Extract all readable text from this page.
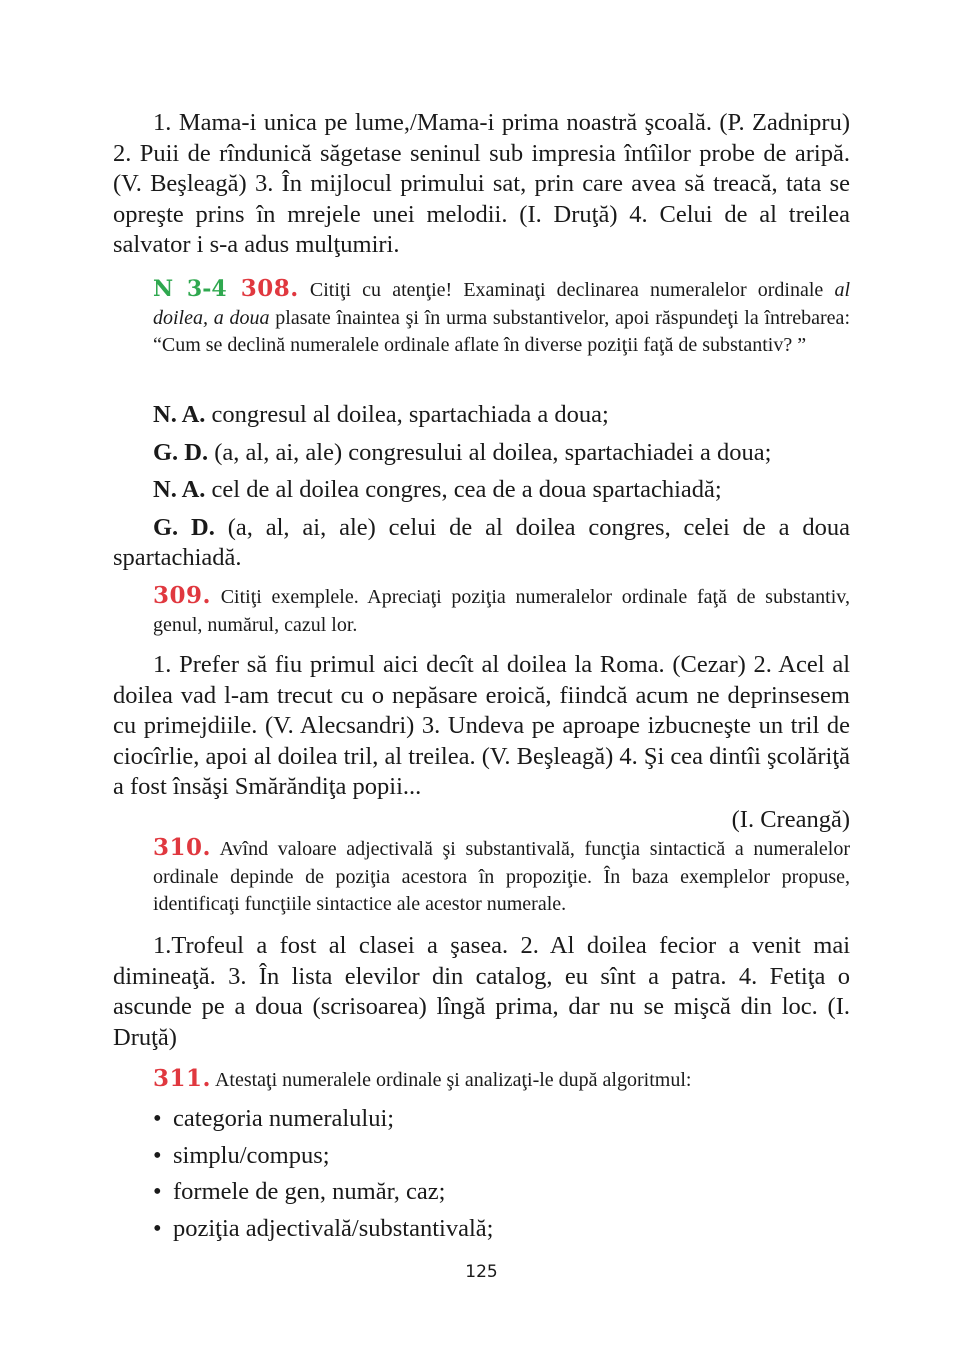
1. Mama-i unica pe lume,/Mama-i prima noastră şcoală. (P. Zadniрru) 2. Puii de rîndunică săgetase seninul sub impresia întîilor probe de aripă. (V. Beşleagă) 3. În mijlocul primului sat, prin care avea să treacă, tata se opreşte prins în mrejele unei melodii. (I. Druţă) 4. Celui de al treilea salvator i s-a adus mulţumiri.

N 3-4 308. Citiţi cu atenţie! Examinaţi declinarea numeralelor ordinale al doilea, a doua plasate înaintea şi în urma substantivelor, apoi răspundeţi la întrebarea: “Cum se declină numeralele ordinale aflate în diverse poziţii faţă de substantiv? ”

N. A. congresul al doilea, spartachiada a doua;

G. D. (a, al, ai, ale) congresului al doilea, spartachiadei a doua;

N. A. cel de al doilea congres, cea de a doua spartachiadă;

G. D. (a, al, ai, ale) celui de al doilea congres, celei de a doua spartachiadă.

309. Citiţi exemplele. Apreciaţi poziţia numeralelor ordinale faţă de substantiv, genul, numărul, cazul lor.

1. Prefer să fiu primul aici decît al doilea la Roma. (Cezar) 2. Acel al doilea vad l-am trecut cu o nepăsare eroică, fiindcă acum ne deprinsesem cu primejdiile. (V. Alecsandri) 3. Undeva pe aproape izbucneşte un tril de ciocîrlie, apoi al doilea tril, al treilea. (V. Beşleagă) 4. Şi cea dintîi şcolăriţă a fost însăşi Smărăndiţa popii...

(I. Creangă)

310. Avînd valoare adjectivală şi substantivală, funcţia sintactică a numeralelor ordinale depinde de poziţia acestora în propoziţie. În baza exemplelor propuse, identificaţi funcţiile sintactice ale acestor numerale.

1.Trofeul a fost al clasei a şasea. 2. Al doilea fecior a venit mai dimineaţă. 3. În lista elevilor din catalog, eu sînt a patra. 4. Fetiţa o ascunde pe a doua (scrisoarea) lîngă prima, dar nu se mişcă din loc. (I. Druţă)

311. Atestaţi numeralele ordinale şi analizaţi-le după algoritmul:

• categoria numeralului;
• simplu/compus;
• formele de gen, număr, caz;
• poziţia adjectivală/substantivală;
125
